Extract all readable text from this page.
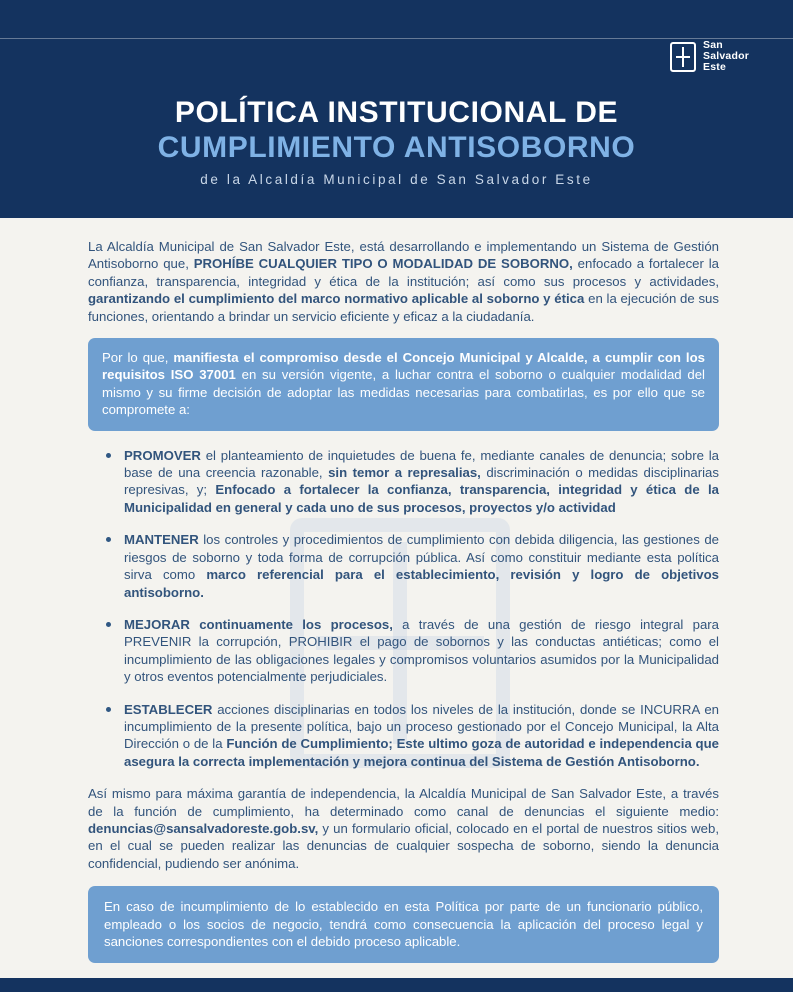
San
Salvador
Este
POLÍTICA INSTITUCIONAL DE
CUMPLIMIENTO ANTISOBORNO
de la Alcaldía Municipal de San Salvador Este

La Alcaldía Municipal de San Salvador Este, está desarrollando e implementando un Sistema de Gestión Antisoborno que, PROHÍBE CUALQUIER TIPO O MODALIDAD DE SOBORNO, enfocado a fortalecer la confianza, transparencia, integridad y ética de la institución; así como sus procesos y actividades, garantizando el cumplimiento del marco normativo aplicable al soborno y ética en la ejecución de sus funciones, orientando a brindar un servicio eficiente y eficaz a la ciudadanía.

Por lo que, manifiesta el compromiso desde el Concejo Municipal y Alcalde, a cumplir con los requisitos ISO 37001 en su versión vigente, a luchar contra el soborno o cualquier modalidad del mismo y su firme decisión de adoptar las medidas necesarias para combatirlas, es por ello que se compromete a:

PROMOVER el planteamiento de inquietudes de buena fe, mediante canales de denuncia; sobre la base de una creencia razonable, sin temor a represalias, discriminación o medidas disciplinarias represivas, y; Enfocado a fortalecer la confianza, transparencia, integridad y ética de la Municipalidad en general y cada uno de sus procesos, proyectos y/o actividad
MANTENER los controles y procedimientos de cumplimiento con debida diligencia, las gestiones de riesgos de soborno y toda forma de corrupción pública. Así como constituir mediante esta política sirva como marco referencial para el establecimiento, revisión y logro de objetivos antisoborno.
MEJORAR continuamente los procesos, a través de una gestión de riesgo integral para PREVENIR la corrupción, PROHIBIR el pago de sobornos y las conductas antiéticas; como el incumplimiento de las obligaciones legales y compromisos voluntarios asumidos por la Municipalidad y otros eventos potencialmente perjudiciales.
ESTABLECER acciones disciplinarias en todos los niveles de la institución, donde se INCURRA en incumplimiento de la presente política, bajo un proceso gestionado por el Concejo Municipal, la Alta Dirección o de la Función de Cumplimiento; Este ultimo goza de autoridad e independencia que asegura la correcta implementación y mejora continua del Sistema de Gestión Antisoborno.

Así mismo para máxima garantía de independencia, la Alcaldía Municipal de San Salvador Este, a través de la función de cumplimiento, ha determinado como canal de denuncias el siguiente medio: denuncias@sansalvadoreste.gob.sv, y un formulario oficial, colocado en el portal de nuestros sitios web, en el cual se pueden realizar las denuncias de cualquier sospecha de soborno, siendo la denuncia confidencial, pudiendo ser anónima.

En caso de incumplimiento de lo establecido en esta Política por parte de un funcionario público, empleado o los socios de negocio, tendrá como consecuencia la aplicación del proceso legal y sanciones correspondientes con el debido proceso aplicable.
